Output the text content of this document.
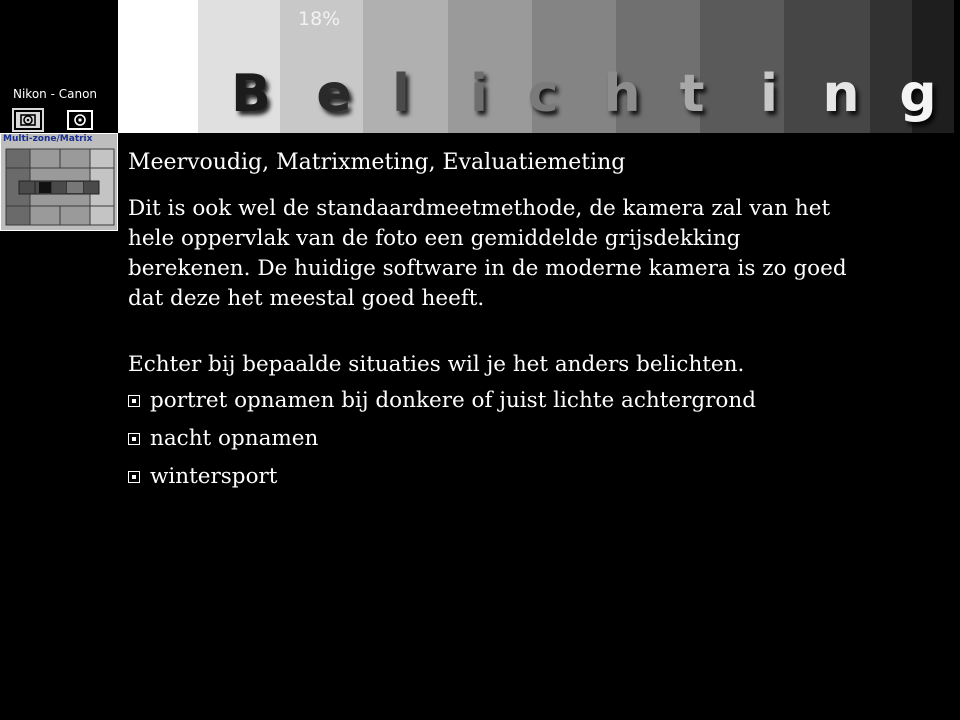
18%
B e l i c h t i n g
Nikon - Canon
Multi-zone/Matrix

Meervoudig, Matrixmeting, Evaluatiemeting

Dit is ook wel de standaardmeetmethode, de kamera zal van het hele oppervlak van de foto een gemiddelde grijsdekking berekenen. De huidige software in de moderne kamera is zo goed dat deze het meestal goed heeft.

Echter bij bepaalde situaties wil je het anders belichten.

portret opnamen bij donkere of juist lichte achtergrond
nacht opnamen
wintersport
